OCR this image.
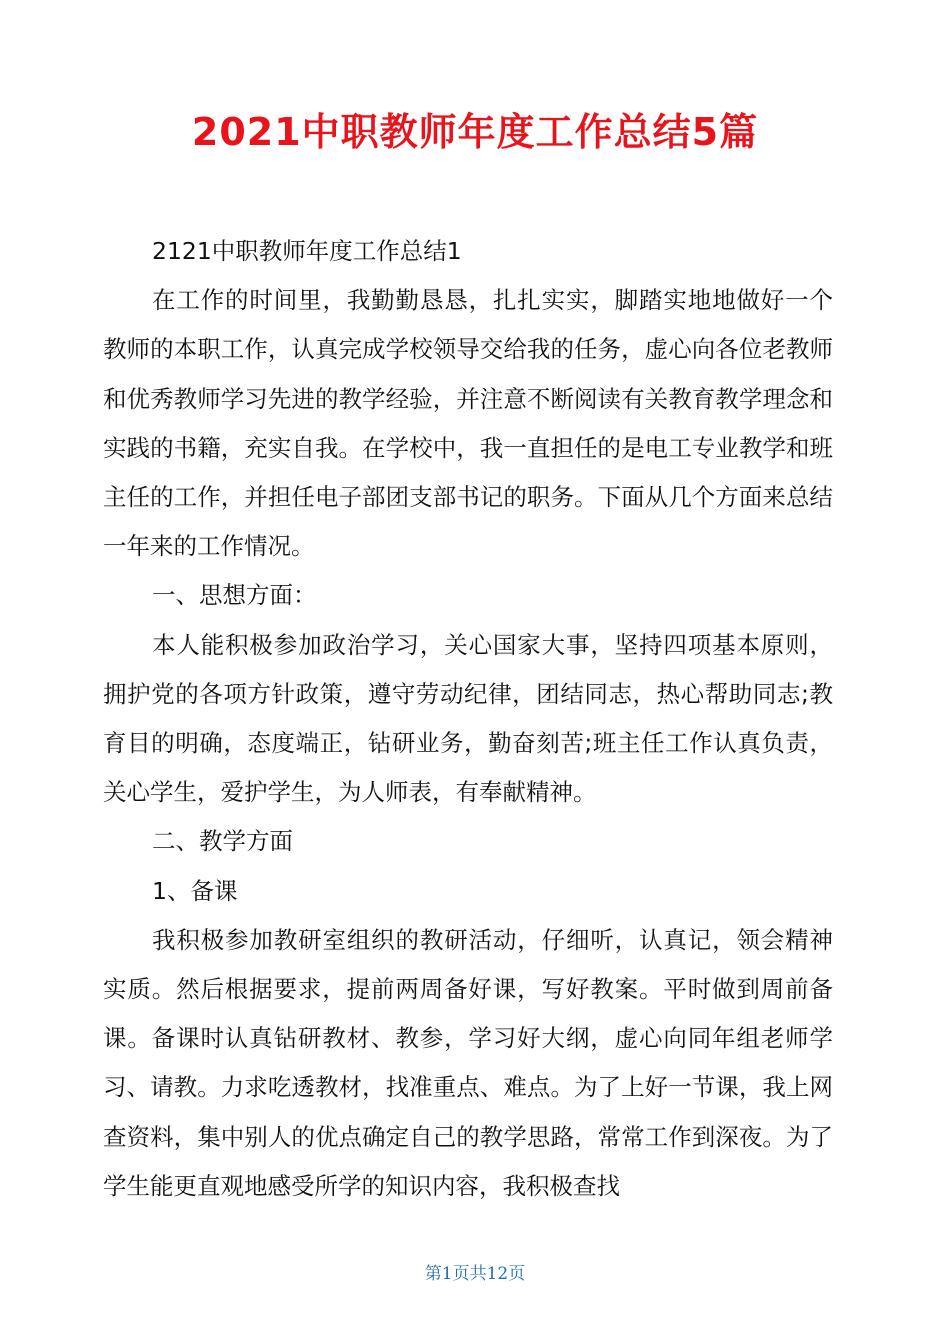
2021中职教师年度工作总结5篇

2121中职教师年度工作总结1

在工作的时间里，我勤勤恳恳，扎扎实实，脚踏实地地做好一个教师的本职工作，认真完成学校领导交给我的任务，虚心向各位老教师和优秀教师学习先进的教学经验，并注意不断阅读有关教育教学理念和实践的书籍，充实自我。在学校中，我一直担任的是电工专业教学和班主任的工作，并担任电子部团支部书记的职务。下面从几个方面来总结一年来的工作情况。

一、思想方面：

本人能积极参加政治学习，关心国家大事，坚持四项基本原则，拥护党的各项方针政策，遵守劳动纪律，团结同志，热心帮助同志;教育目的明确，态度端正，钻研业务，勤奋刻苦;班主任工作认真负责，关心学生，爱护学生，为人师表，有奉献精神。

二、教学方面

1、备课

我积极参加教研室组织的教研活动，仔细听，认真记，领会精神实质。然后根据要求，提前两周备好课，写好教案。平时做到周前备课。备课时认真钻研教材、教参，学习好大纲，虚心向同年组老师学习、请教。力求吃透教材，找准重点、难点。为了上好一节课，我上网查资料，集中别人的优点确定自己的教学思路，常常工作到深夜。为了学生能更直观地感受所学的知识内容，我积极查找

第1页共12页
